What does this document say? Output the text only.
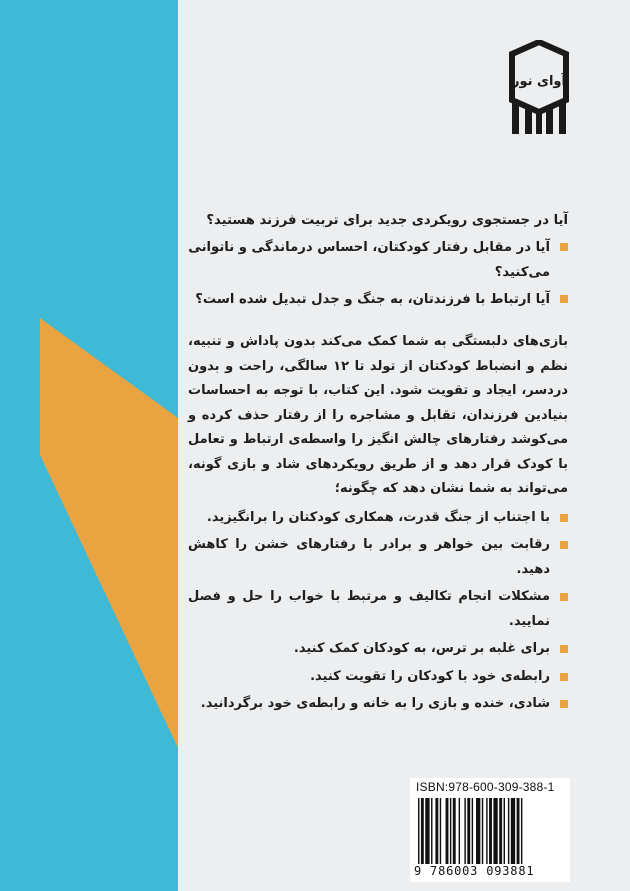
آوای نور

آیا در جستجوی رویکردی جدید برای تربیت فرزند هستید؟

آیا در مقابل رفتار کودکتان، احساس درماندگی و ناتوانی می‌کنید؟
آیا ارتباط با فرزندتان، به جنگ و جدل تبدیل شده است؟

بازی‌های دلبستگی به شما کمک می‌کند بدون پاداش و تنبیه، نظم و انضباط کودکتان از تولد تا ۱۲ سالگی، راحت و بدون دردسر، ایجاد و تقویت شود. این کتاب، با توجه به احساسات بنیادین فرزندان، تقابل و مشاجره را از رفتار حذف کرده و می‌کوشد رفتارهای چالش انگیز را واسطه‌ی ارتباط و تعامل با کودک قرار دهد و از طریق رویکردهای شاد و بازی گونه، می‌تواند به شما نشان دهد که چگونه؛

با اجتناب از جنگ قدرت، همکاری کودکتان را برانگیزید.
رقابت بین خواهر و برادر با رفتارهای خشن را کاهش دهید.
مشکلات انجام تکالیف و مرتبط با خواب را حل و فصل نمایید.
برای غلبه بر ترس، به کودکان کمک کنید.
رابطه‌ی خود با کودکان را تقویت کنید.
شادی، خنده و بازی را به خانه و رابطه‌ی خود برگردانید.
ISBN:978-600-309-388-1
9 786003 093881
